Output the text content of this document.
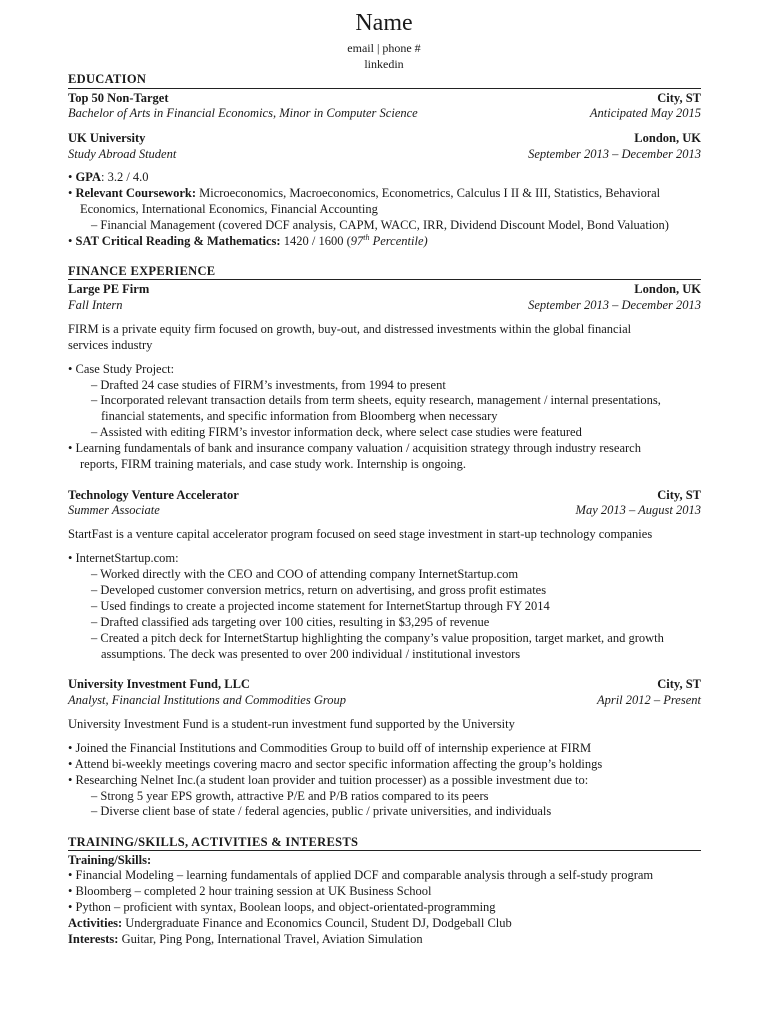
Name
email | phone #
linkedin
EDUCATION
Top 50 Non-Target	City, ST
Bachelor of Arts in Financial Economics, Minor in Computer Science	Anticipated May 2015
UK University	London, UK
Study Abroad Student	September 2013 – December 2013
• GPA: 3.2 / 4.0
• Relevant Coursework: Microeconomics, Macroeconomics, Econometrics, Calculus I II & III, Statistics, Behavioral
Economics, International Economics, Financial Accounting
– Financial Management (covered DCF analysis, CAPM, WACC, IRR, Dividend Discount Model, Bond Valuation)
• SAT Critical Reading & Mathematics: 1420 / 1600 (97th Percentile)
FINANCE EXPERIENCE
Large PE Firm	London, UK
Fall Intern	September 2013 – December 2013
FIRM is a private equity firm focused on growth, buy-out, and distressed investments within the global financial
services industry
• Case Study Project:
– Drafted 24 case studies of FIRM’s investments, from 1994 to present
– Incorporated relevant transaction details from term sheets, equity research, management / internal presentations,
financial statements, and specific information from Bloomberg when necessary
– Assisted with editing FIRM’s investor information deck, where select case studies were featured
• Learning fundamentals of bank and insurance company valuation / acquisition strategy through industry research
reports, FIRM training materials, and case study work. Internship is ongoing.
Technology Venture Accelerator	City, ST
Summer Associate	May 2013 – August 2013
StartFast is a venture capital accelerator program focused on seed stage investment in start-up technology companies
• InternetStartup.com:
– Worked directly with the CEO and COO of attending company InternetStartup.com
– Developed customer conversion metrics, return on advertising, and gross profit estimates
– Used findings to create a projected income statement for InternetStartup through FY 2014
– Drafted classified ads targeting over 100 cities, resulting in $3,295 of revenue
– Created a pitch deck for InternetStartup highlighting the company’s value proposition, target market, and growth
assumptions. The deck was presented to over 200 individual / institutional investors
University Investment Fund, LLC	City, ST
Analyst, Financial Institutions and Commodities Group	April 2012 – Present
University Investment Fund is a student-run investment fund supported by the University
• Joined the Financial Institutions and Commodities Group to build off of internship experience at FIRM
• Attend bi-weekly meetings covering macro and sector specific information affecting the group’s holdings
• Researching Nelnet Inc.(a student loan provider and tuition processer) as a possible investment due to:
– Strong 5 year EPS growth, attractive P/E and P/B ratios compared to its peers
– Diverse client base of state / federal agencies, public / private universities, and individuals
TRAINING/SKILLS, ACTIVITIES & INTERESTS
Training/Skills:
• Financial Modeling – learning fundamentals of applied DCF and comparable analysis through a self-study program
• Bloomberg – completed 2 hour training session at UK Business School
• Python – proficient with syntax, Boolean loops, and object-orientated-programming
Activities: Undergraduate Finance and Economics Council, Student DJ, Dodgeball Club
Interests: Guitar, Ping Pong, International Travel, Aviation Simulation
